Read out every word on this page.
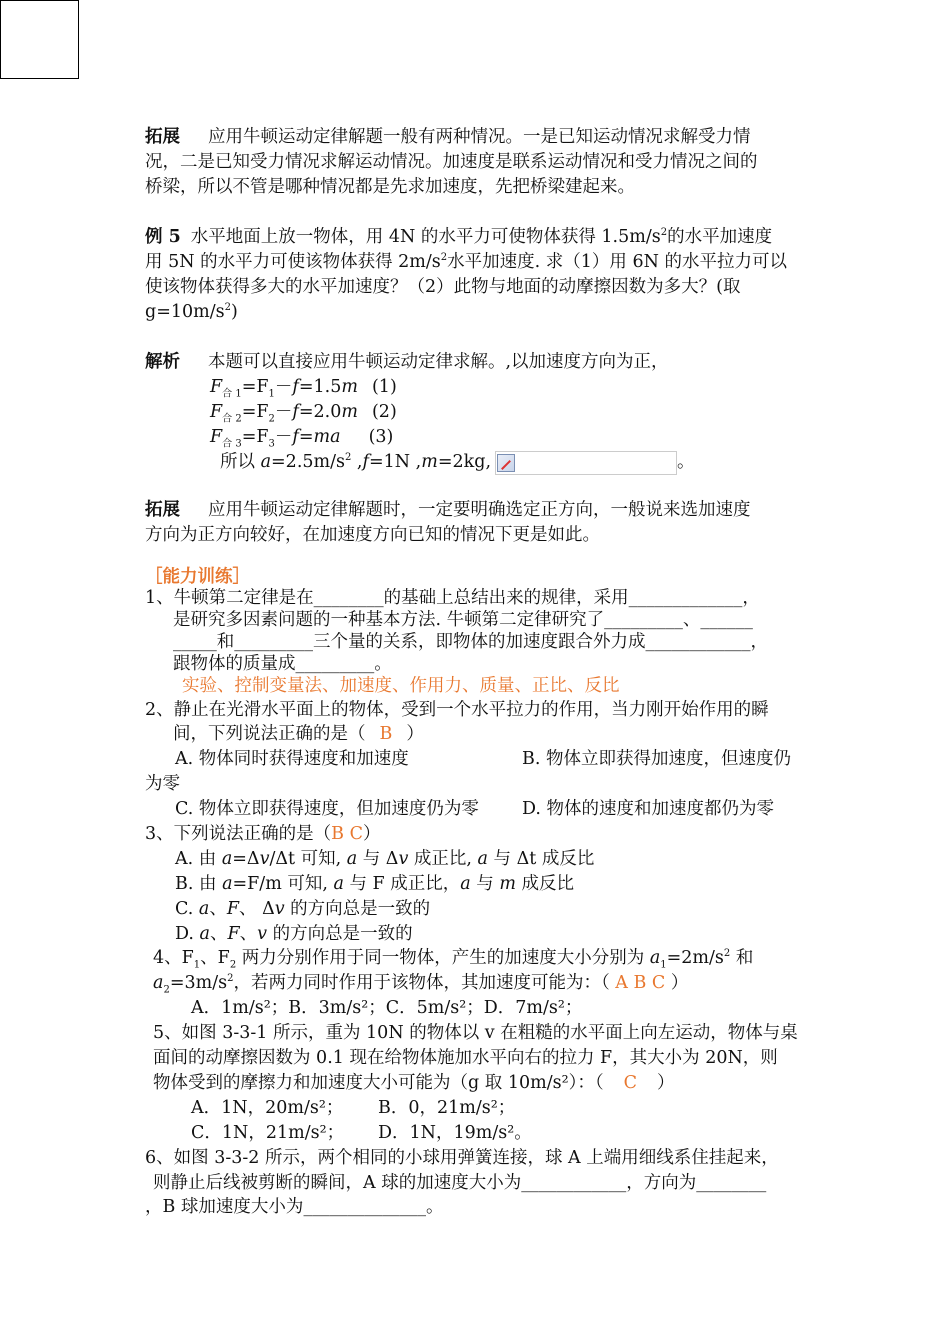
拓展 应用牛顿运动定律解题一般有两种情况。一是已知运动情况求解受力情
况，二是已知受力情况求解运动情况。加速度是联系运动情况和受力情况之间的
桥梁，所以不管是哪种情况都是先求加速度，先把桥梁建起来。
例 5 水平地面上放一物体，用 4N 的水平力可使物体获得 $1.5m/s^2$的水平加速度
用 5N 的水平力可使该物体获得 $2m/s^2$水平加速度. 求（1）用 6N 的水平拉力可以
使该物体获得多大的水平加速度？（2）此物与地面的动摩擦因数为多大？(取
$g=10m/s^2$)
解析 本题可以直接应用牛顿运动定律求解。,以加速度方向为正，
$F_{合 1}=F_1-f=1.5m$ (1)
$F_{合 2}=F_2-f=2.0m$ (2)
$F_{合 3}=F_3-f=ma$ (3)
所以 $a=2.5m/s^2$ ,f=1N ,m=2kg,	。
拓展 应用牛顿运动定律解题时，一定要明确选定正方向，一般说来选加速度
方向为正方向较好，在加速度方向已知的情况下更是如此。
［能力训练］
1、牛顿第二定律是在________的基础上总结出来的规律，采用_____________，
是研究多因素问题的一种基本方法. 牛顿第二定律研究了_________、______
_____和_________三个量的关系，即物体的加速度跟合外力成____________，
跟物体的质量成_________。
实验、控制变量法、加速度、作用力、质量、正比、反比
2、静止在光滑水平面上的物体，受到一个水平拉力的作用，当力刚开始作用的瞬
间，下列说法正确的是（ B ）
A. 物体同时获得速度和加速度	B. 物体立即获得加速度，但速度仍
为零
C. 物体立即获得速度，但加速度仍为零 D. 物体的速度和加速度都仍为零
3、下列说法正确的是（B C）
A. 由 a=Δv/Δt 可知, a 与 Δv 成正比, a 与 Δt 成反比
B. 由 a=F/m 可知, a 与 F 成正比，a 与 m 成反比
C. a、F、 Δv 的方向总是一致的
D. a、F、v 的方向总是一致的
4、$F_1$、$F_2$ 两力分别作用于同一物体，产生的加速度大小分别为 $a_1=2m/s^2$ 和
$a_2=3m/s^2$，若两力同时作用于该物体，其加速度可能为：（ A B C ）
A．1m/s²；B．3m/s²；C．5m/s²；D．7m/s²；
5、如图 3-3-1 所示，重为 10N 的物体以 v 在粗糙的水平面上向左运动，物体与桌
面间的动摩擦因数为 0.1 现在给物体施加水平向右的拉力 F，其大小为 20N，则
物体受到的摩擦力和加速度大小可能为（g 取 10m/s²）：（ C ）
A．1N，20m/s²； B．0，21m/s²；
C．1N，21m/s²； D．1N，19m/s²。
6、如图 3-3-2 所示，两个相同的小球用弹簧连接，球 A 上端用细线系住挂起来，
则静止后线被剪断的瞬间，A 球的加速度大小为____________，方向为________
，B 球加速度大小为______________。
